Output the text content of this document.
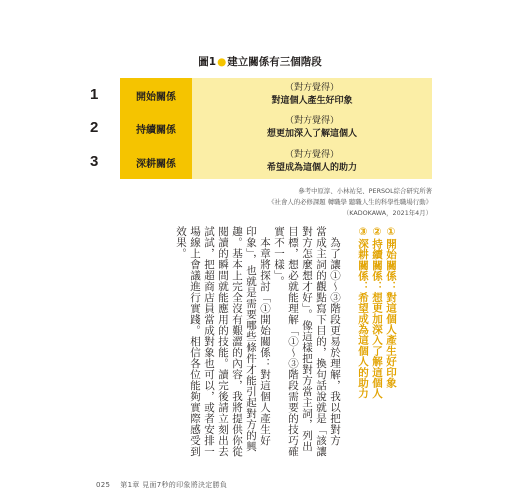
圖1●建立關係有三個階段
1	開始關係
（對方覺得）
對這個人產生好印象
2	持續關係
（對方覺得）
想更加深入了解這個人
3	深耕關係
（對方覺得）
希望成為這個人的助力
參考中原淳、小林祐兒、PERSOL綜合研究所著
《社會人的必修課題 轉職學 聽職人生的科學性職場行動》
（KADOKAWA，2021年4月）
①開始關係：對這個人產生好印象
②持續關係：想更加深入了解這個人
③深耕關係：希望成為這個人的助力
為了讓①～③階段更易於理解，我以把對方
當成主詞的觀點寫下目的，換句話說就是「該讓
對方怎麼想才好」。像這樣把對方當主詞，列出
目標，想必就能理解「①～③階段需要的技巧確
實不一樣」。
本章將探討「①開始關係：對這個人產生好
印象」，也就是需要哪些條件才能引起對方的興
趣。基本上完全沒有艱澀的內容，我將提供你從
閱讀的瞬間就能應用的技能。讀完後請立刻出去
試試，把超商店員當成對象也可以，或者安排一
場線上會議進行實踐。相信各位能夠實際感受到
效果。
025 第1章 見面7秒的印象將決定勝負
